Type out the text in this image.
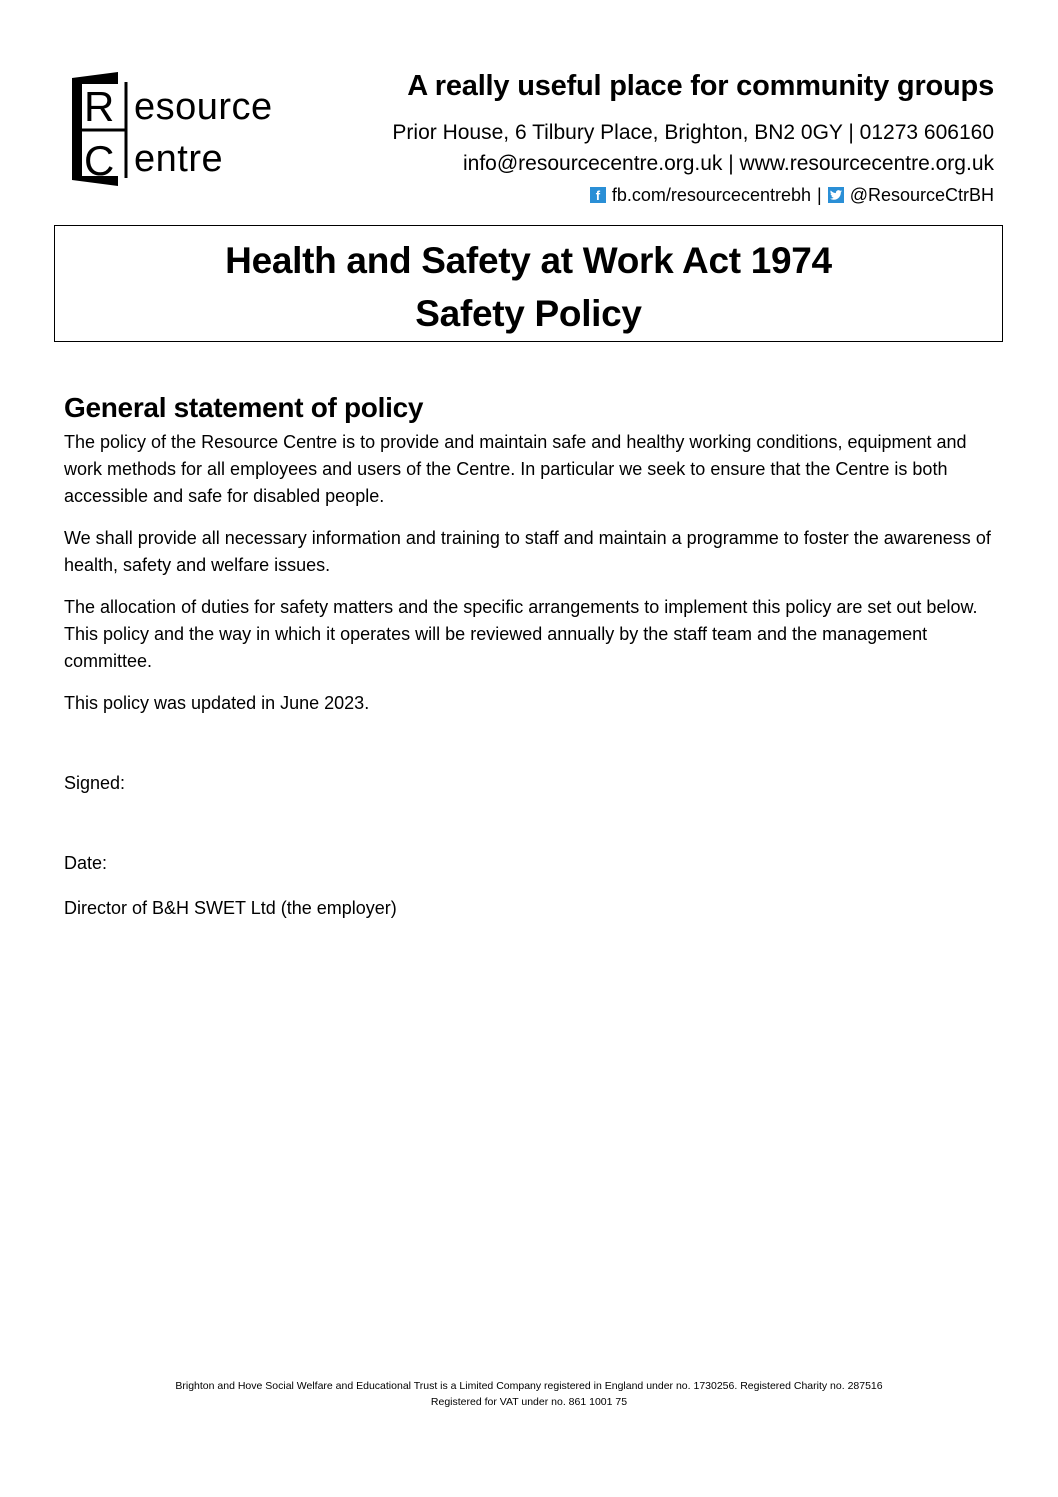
R
C
esource
entre
A really useful place for community groups
Prior House, 6 Tilbury Place, Brighton, BN2 0GY | 01273 606160
info@resourcecentre.org.uk | www.resourcecentre.org.uk
f fb.com/resourcecentrebh | @ResourceCtrBH
Health and Safety at Work Act 1974
Safety Policy
General statement of policy
The policy of the Resource Centre is to provide and maintain safe and healthy working conditions, equipment and work methods for all employees and users of the Centre. In particular we seek to ensure that the Centre is both accessible and safe for disabled people.
We shall provide all necessary information and training to staff and maintain a programme to foster the awareness of health, safety and welfare issues.
The allocation of duties for safety matters and the specific arrangements to implement this policy are set out below. This policy and the way in which it operates will be reviewed annually by the staff team and the management committee.
This policy was updated in June 2023.
Signed:
Date:
Director of B&H SWET Ltd (the employer)
Brighton and Hove Social Welfare and Educational Trust is a Limited Company registered in England under no. 1730256. Registered Charity no. 287516
Registered for VAT under no. 861 1001 75
